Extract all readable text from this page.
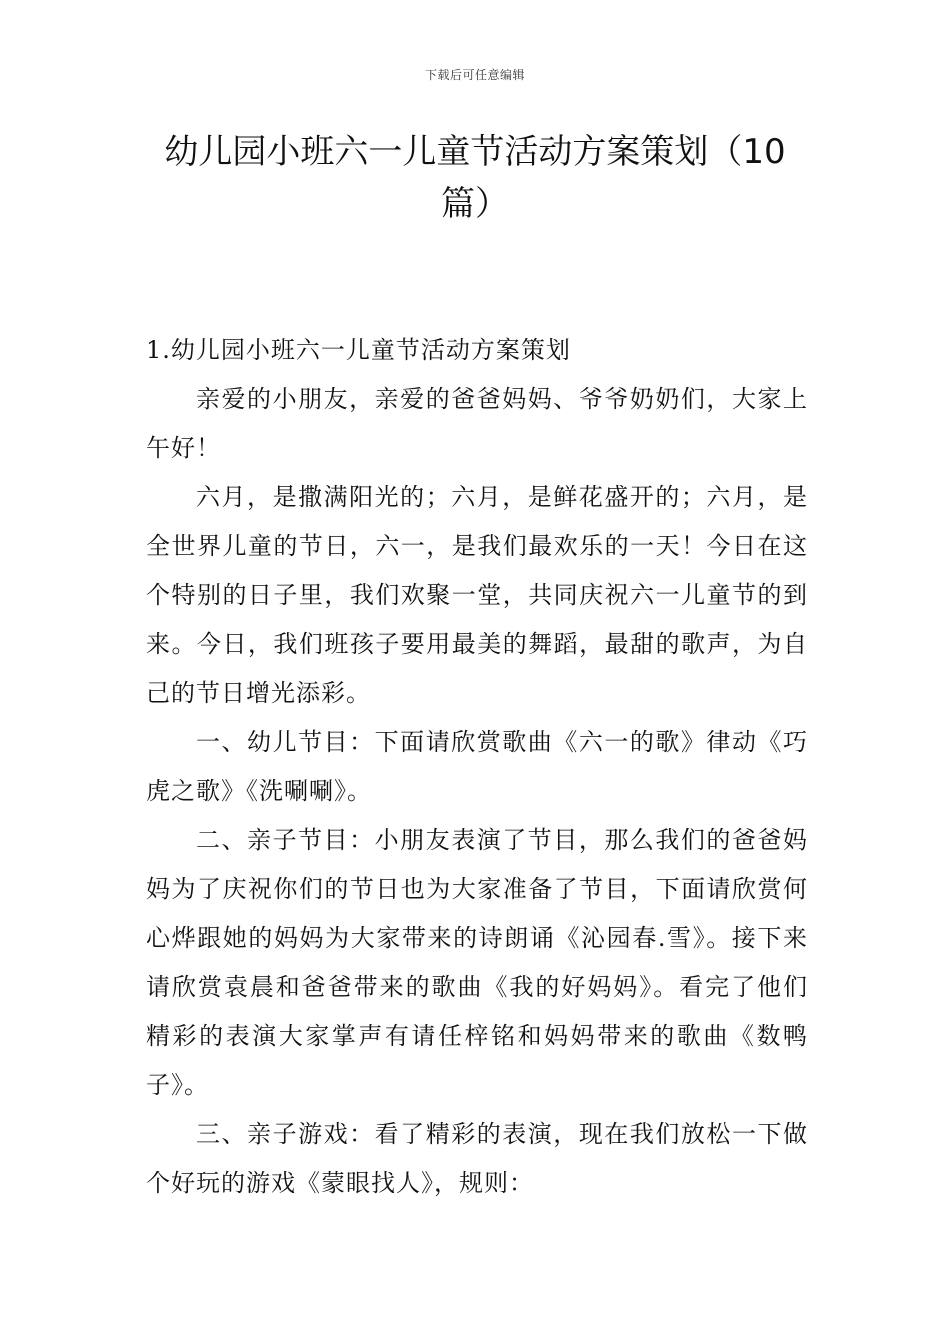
下载后可任意编辑
幼儿园小班六一儿童节活动方案策划（10篇）
1.幼儿园小班六一儿童节活动方案策划

亲爱的小朋友，亲爱的爸爸妈妈、爷爷奶奶们，大家上午好！

六月，是撒满阳光的；六月，是鲜花盛开的；六月，是全世界儿童的节日，六一，是我们最欢乐的一天！今日在这个特别的日子里，我们欢聚一堂，共同庆祝六一儿童节的到来。今日，我们班孩子要用最美的舞蹈，最甜的歌声，为自己的节日增光添彩。

一、幼儿节目：下面请欣赏歌曲《六一的歌》律动《巧虎之歌》《洗唰唰》。

二、亲子节目：小朋友表演了节目，那么我们的爸爸妈妈为了庆祝你们的节日也为大家准备了节目，下面请欣赏何心烨跟她的妈妈为大家带来的诗朗诵《沁园春.雪》。接下来请欣赏袁晨和爸爸带来的歌曲《我的好妈妈》。看完了他们精彩的表演大家掌声有请任梓铭和妈妈带来的歌曲《数鸭子》。

三、亲子游戏：看了精彩的表演，现在我们放松一下做个好玩的游戏《蒙眼找人》，规则：
